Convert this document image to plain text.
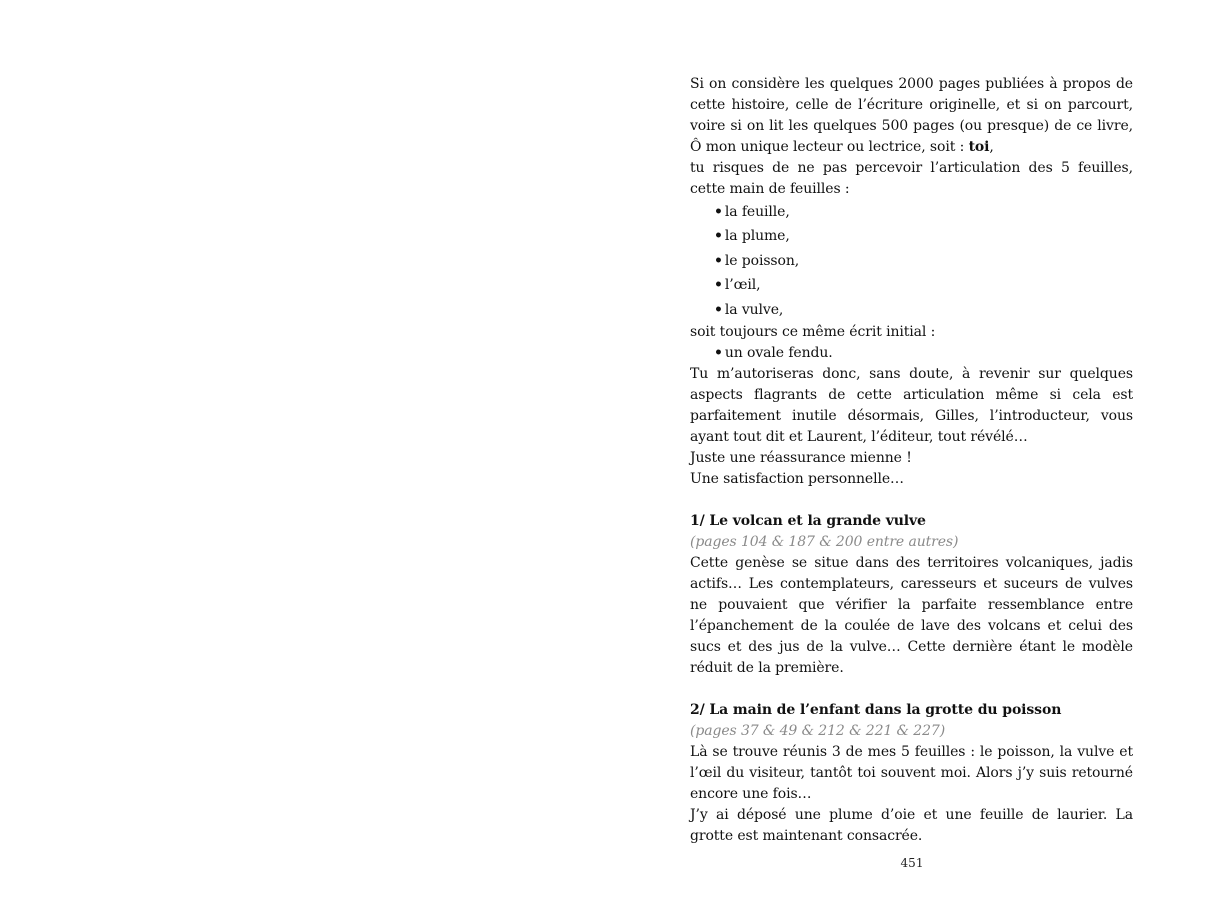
Si on considère les quelques 2000 pages publiées à propos de cette histoire, celle de l’écriture originelle, et si on parcourt, voire si on lit les quelques 500 pages (ou presque) de ce livre, Ô mon unique lecteur ou lectrice, soit : toi,

tu risques de ne pas percevoir l’articulation des 5 feuilles, cette main de feuilles :

• la feuille,
• la plume,
• le poisson,
• l’œil,
• la vulve,

soit toujours ce même écrit initial :

• un ovale fendu.

Tu m’autoriseras donc, sans doute, à revenir sur quelques aspects flagrants de cette articulation même si cela est parfaitement inutile désormais, Gilles, l’introducteur, vous ayant tout dit et Laurent, l’éditeur, tout révélé…

Juste une réassurance mienne !

Une satisfaction personnelle…

1/ Le volcan et la grande vulve

(pages 104 & 187 & 200 entre autres)

Cette genèse se situe dans des territoires volcaniques, jadis actifs… Les contemplateurs, caresseurs et suceurs de vulves ne pouvaient que vérifier la parfaite ressemblance entre l’épanchement de la coulée de lave des volcans et celui des sucs et des jus de la vulve… Cette dernière étant le modèle réduit de la première.

2/ La main de l’enfant dans la grotte du poisson

(pages 37 & 49 & 212 & 221 & 227)

Là se trouve réunis 3 de mes 5 feuilles : le poisson, la vulve et l’œil du visiteur, tantôt toi souvent moi. Alors j’y suis retourné encore une fois…

J’y ai déposé une plume d’oie et une feuille de laurier. La grotte est maintenant consacrée.

451
